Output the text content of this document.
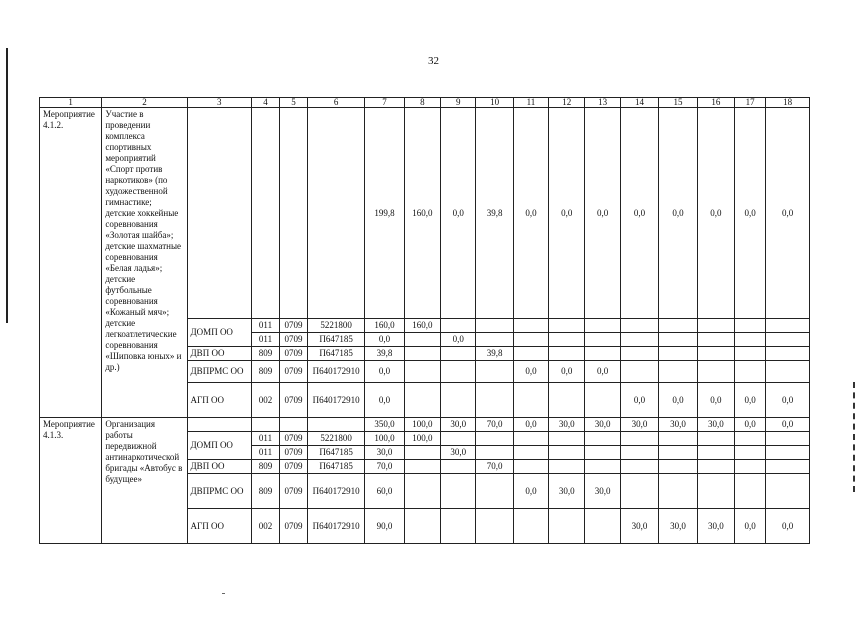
32
1	2	3	4	5	6	7	8	9	10	11	12	13	14	15	16	17	18
Мероприятие 4.1.2.	Участие в проведении комплекса спортивных мероприятий «Спорт против наркотиков» (по художественной гимнастике; детские хоккейные соревнования «Золотая шайба»; детские шахматные соревнования «Белая ладья»; детские футбольные соревнования «Кожаный мяч»; детские легкоатлетические соревнования «Шиповка юных» и др.)					199,8	160,0	0,0	39,8	0,0	0,0	0,0	0,0	0,0	0,0	0,0	0,0
		ДОМП ОО	011	0709	5221800	160,0	160,0										
			011	0709	П647185	0,0		0,0									
		ДВП ОО	809	0709	П647185	39,8			39,8								
		ДВПРМС ОО	809	0709	П640172910	0,0				0,0	0,0	0,0					
		АГП ОО	002	0709	П640172910	0,0							0,0	0,0	0,0	0,0	0,0
Мероприятие 4.1.3.	Организация работы передвижной антинаркотической бригады «Автобус в будущее»					350,0	100,0	30,0	70,0	0,0	30,0	30,0	30,0	30,0	30,0	0,0	0,0
		ДОМП ОО	011	0709	5221800	100,0	100,0										
			011	0709	П647185	30,0		30,0									
		ДВП ОО	809	0709	П647185	70,0			70,0								
		ДВПРМС ОО	809	0709	П640172910	60,0				0,0	30,0	30,0					
		АГП ОО	002	0709	П640172910	90,0							30,0	30,0	30,0	0,0	0,0
